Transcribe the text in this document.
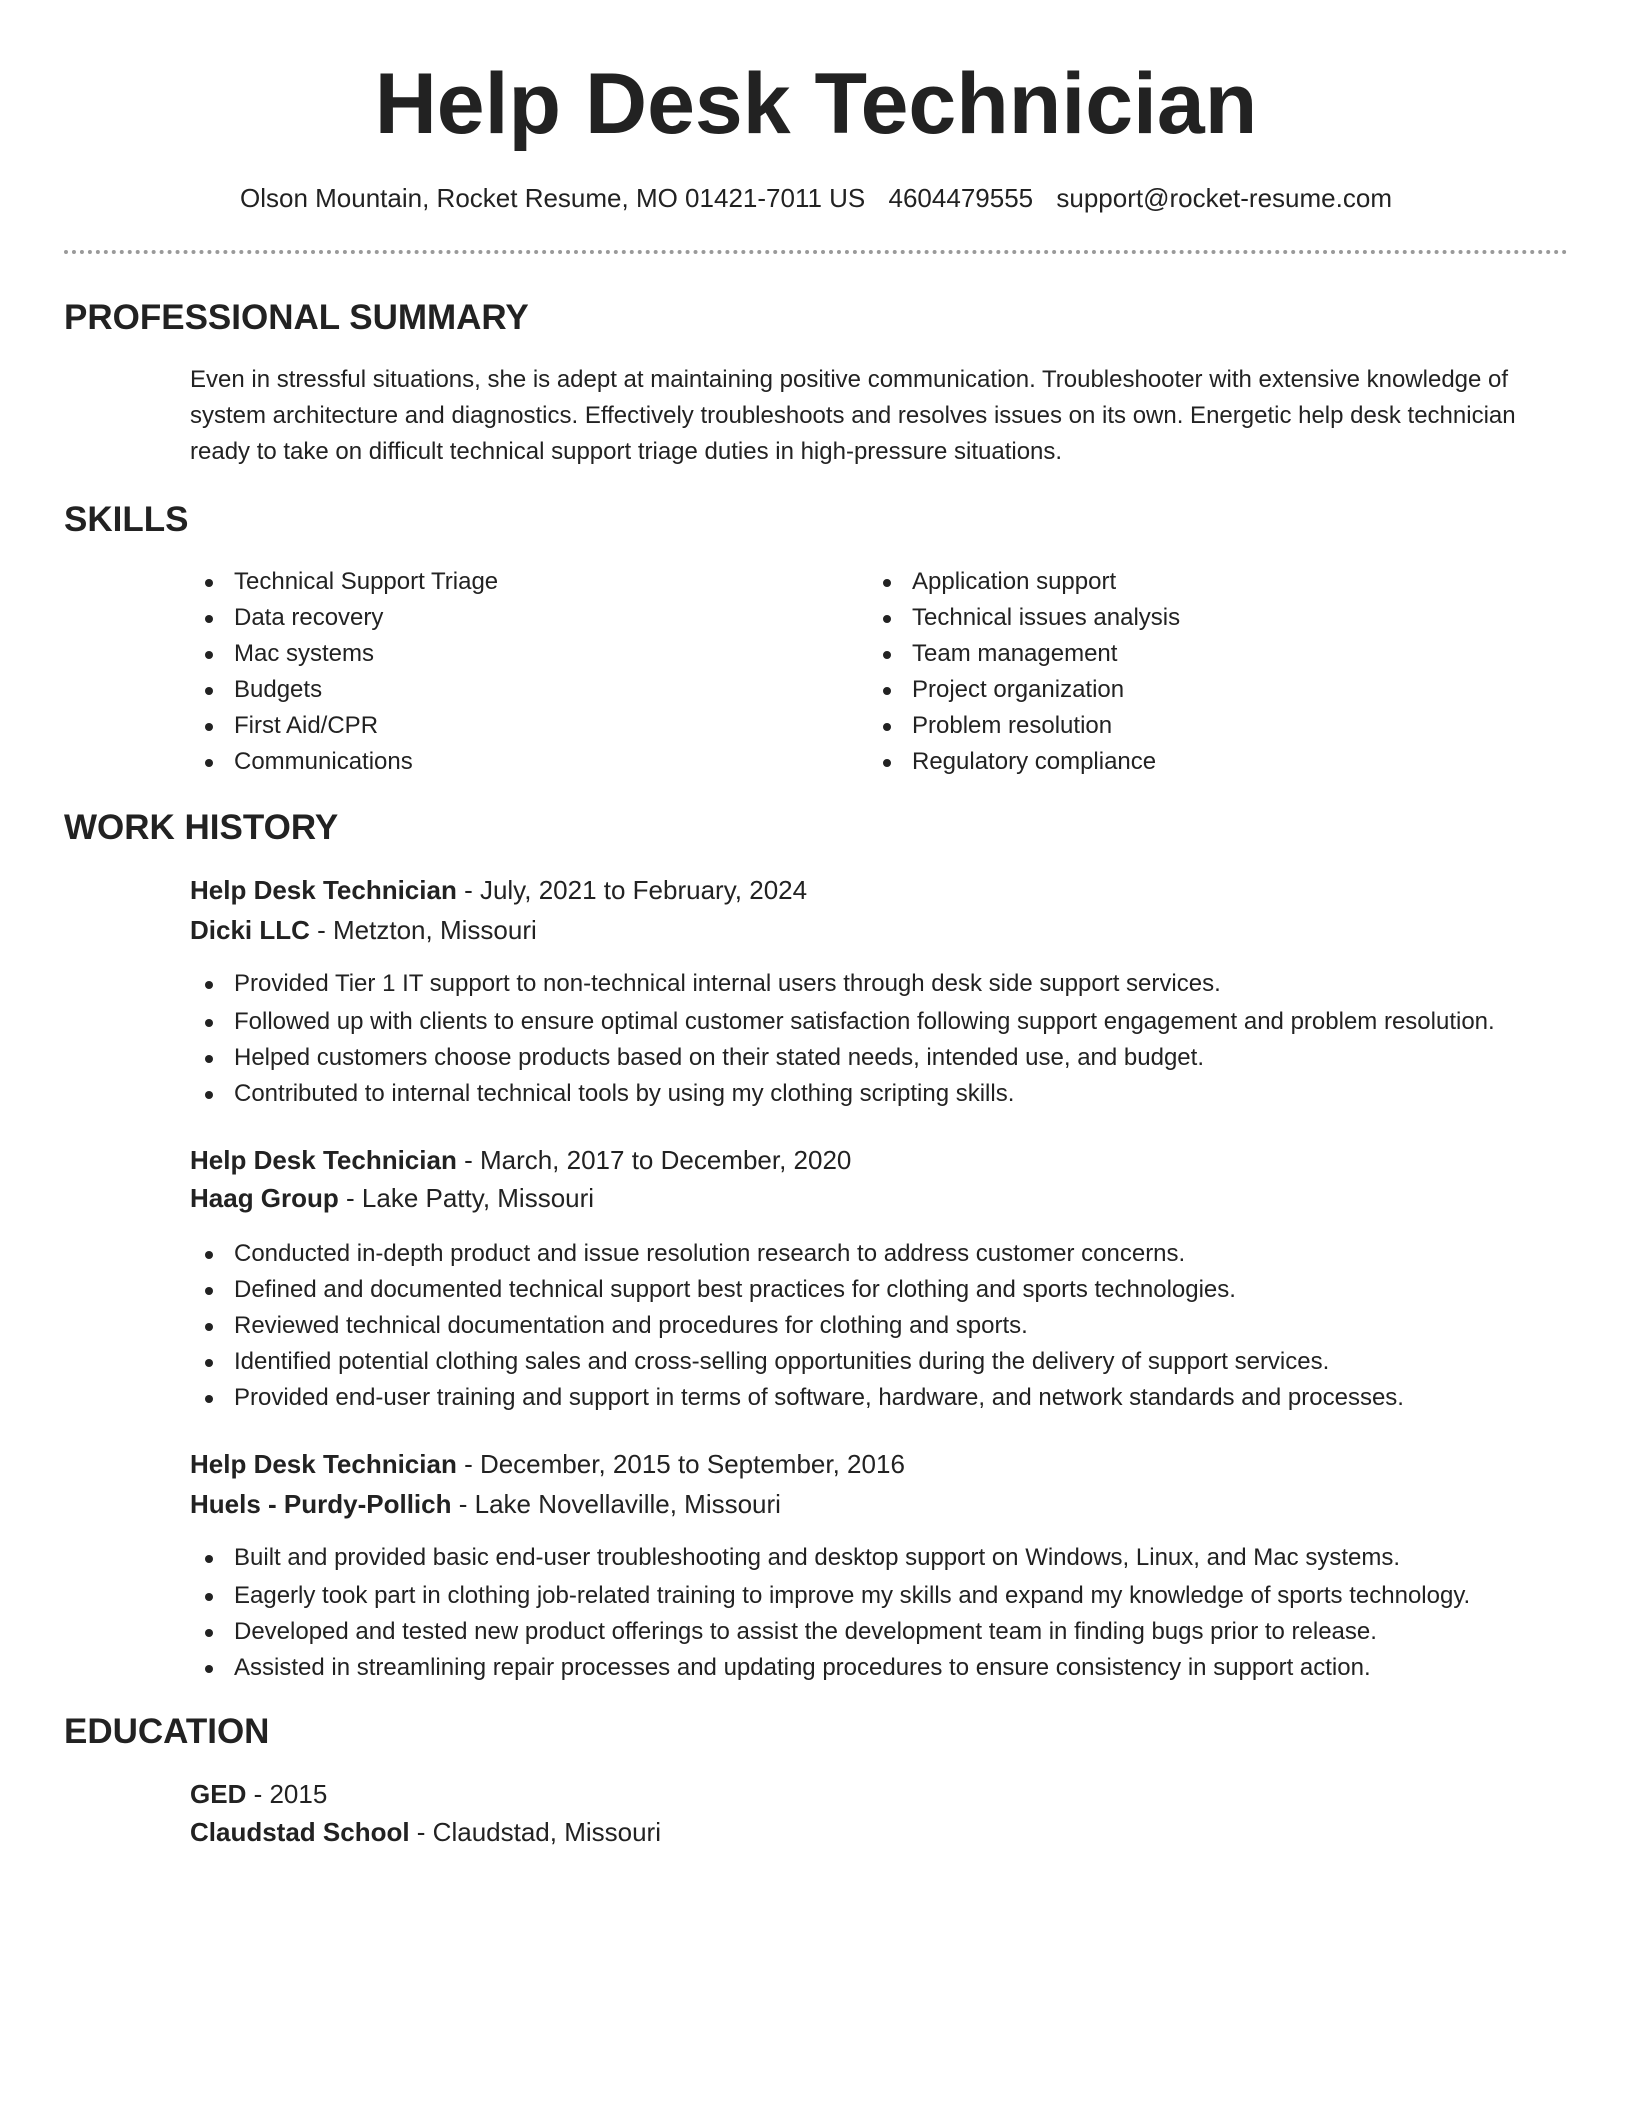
Help Desk Technician
Olson Mountain, Rocket Resume, MO 01421-7011 US 4604479555 support@rocket-resume.com
PROFESSIONAL SUMMARY
Even in stressful situations, she is adept at maintaining positive communication. Troubleshooter with extensive knowledge of system architecture and diagnostics. Effectively troubleshoots and resolves issues on its own. Energetic help desk technician ready to take on difficult technical support triage duties in high-pressure situations.
SKILLS
Technical Support Triage
Data recovery
Mac systems
Budgets
First Aid/CPR
Communications
Application support
Technical issues analysis
Team management
Project organization
Problem resolution
Regulatory compliance
WORK HISTORY
Help Desk Technician - July, 2021 to February, 2024
Dicki LLC - Metzton, Missouri
Provided Tier 1 IT support to non-technical internal users through desk side support services.
Followed up with clients to ensure optimal customer satisfaction following support engagement and problem resolution.
Helped customers choose products based on their stated needs, intended use, and budget.
Contributed to internal technical tools by using my clothing scripting skills.
Help Desk Technician - March, 2017 to December, 2020
Haag Group - Lake Patty, Missouri
Conducted in-depth product and issue resolution research to address customer concerns.
Defined and documented technical support best practices for clothing and sports technologies.
Reviewed technical documentation and procedures for clothing and sports.
Identified potential clothing sales and cross-selling opportunities during the delivery of support services.
Provided end-user training and support in terms of software, hardware, and network standards and processes.
Help Desk Technician - December, 2015 to September, 2016
Huels - Purdy-Pollich - Lake Novellaville, Missouri
Built and provided basic end-user troubleshooting and desktop support on Windows, Linux, and Mac systems.
Eagerly took part in clothing job-related training to improve my skills and expand my knowledge of sports technology.
Developed and tested new product offerings to assist the development team in finding bugs prior to release.
Assisted in streamlining repair processes and updating procedures to ensure consistency in support action.
EDUCATION
GED - 2015
Claudstad School - Claudstad, Missouri
